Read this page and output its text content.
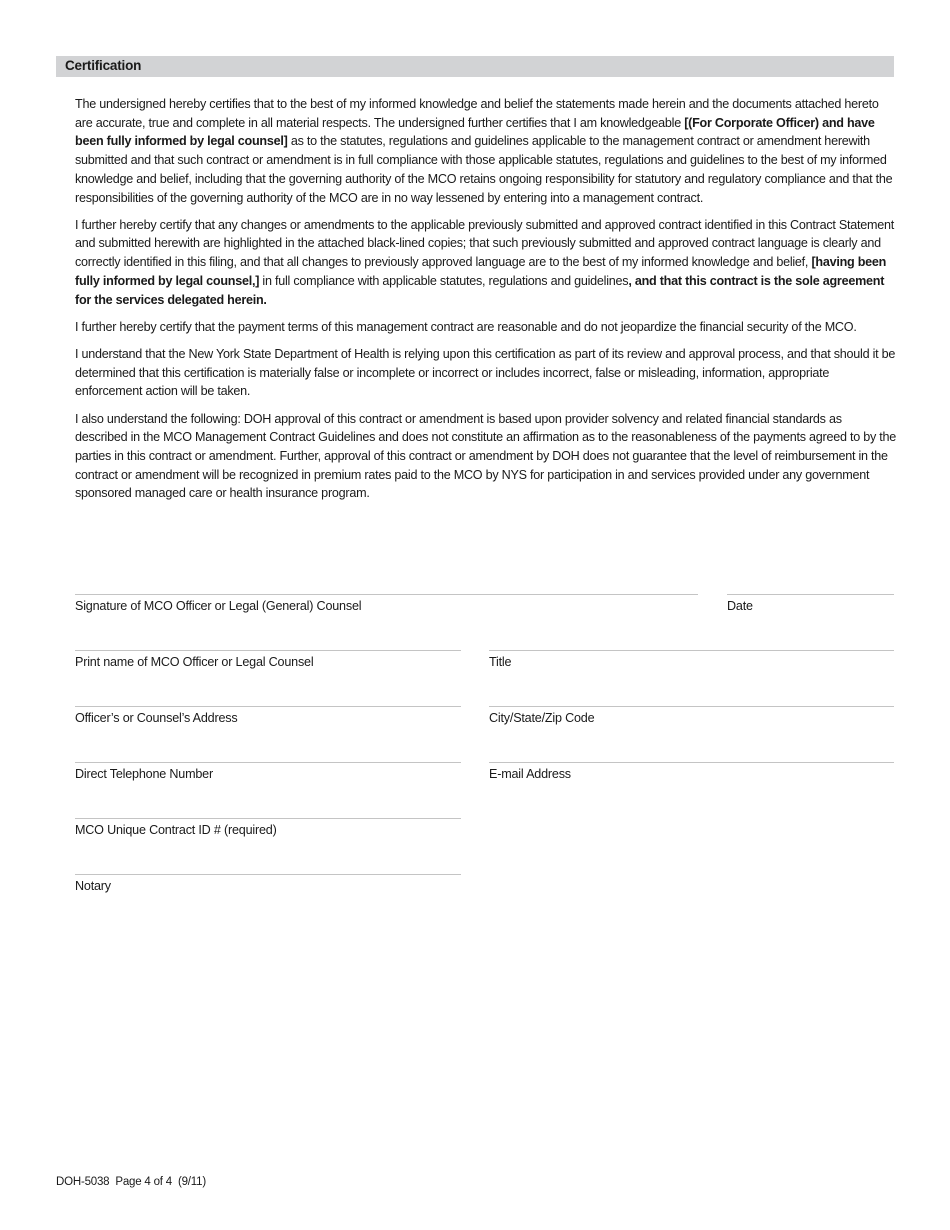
Certification

The undersigned hereby certifies that to the best of my informed knowledge and belief the statements made herein and the documents attached hereto are accurate, true and complete in all material respects. The undersigned further certifies that I am knowledgeable [(For Corporate Officer) and have been fully informed by legal counsel] as to the statutes, regulations and guidelines applicable to the management contract or amendment herewith submitted and that such contract or amendment is in full compliance with those applicable statutes, regulations and guidelines to the best of my informed knowledge and belief, including that the governing authority of the MCO retains ongoing responsibility for statutory and regulatory compliance and that the responsibilities of the governing authority of the MCO are in no way lessened by entering into a management contract.

I further hereby certify that any changes or amendments to the applicable previously submitted and approved contract identified in this Contract Statement and submitted herewith are highlighted in the attached black-lined copies; that such previously submitted and approved contract language is clearly and correctly identified in this filing, and that all changes to previously approved language are to the best of my informed knowledge and belief, [having been fully informed by legal counsel,] in full compliance with applicable statutes, regulations and guidelines, and that this contract is the sole agreement for the services delegated herein.

I further hereby certify that the payment terms of this management contract are reasonable and do not jeopardize the financial security of the MCO.

I understand that the New York State Department of Health is relying upon this certification as part of its review and approval process, and that should it be determined that this certification is materially false or incomplete or incorrect or includes incorrect, false or misleading, information, appropriate enforcement action will be taken.

I also understand the following: DOH approval of this contract or amendment is based upon provider solvency and related financial standards as described in the MCO Management Contract Guidelines and does not constitute an affirmation as to the reasonableness of the payments agreed to by the parties in this contract or amendment. Further, approval of this contract or amendment by DOH does not guarantee that the level of reimbursement in the contract or amendment will be recognized in premium rates paid to the MCO by NYS for participation in and services provided under any government sponsored managed care or health insurance program.

Signature of MCO Officer or Legal (General) Counsel	Date
Print name of MCO Officer or Legal Counsel	Title
Officer’s or Counsel’s Address	City/State/Zip Code
Direct Telephone Number	E-mail Address
MCO Unique Contract ID # (required)
Notary
DOH-5038  Page 4 of 4  (9/11)
